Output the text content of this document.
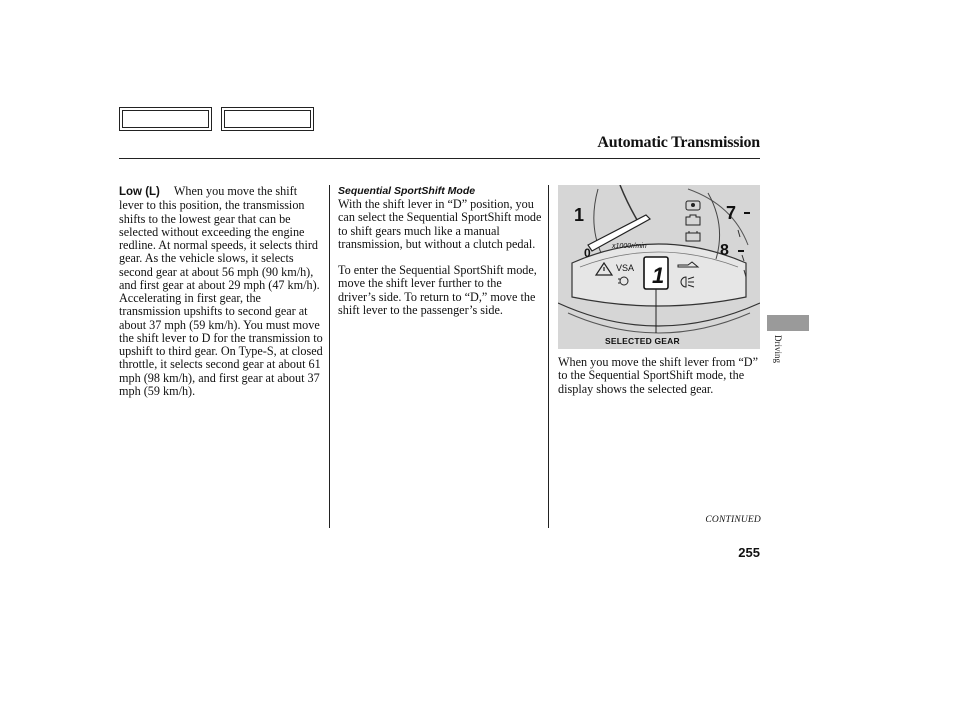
Automatic Transmission
Low (L) When you move the shift lever to this position, the transmission shifts to the lowest gear that can be selected without exceeding the engine redline. At normal speeds, it selects third gear. As the vehicle slows, it selects second gear at about 56 mph (90 km/h), and first gear at about 29 mph (47 km/h). Accelerating in first gear, the transmission upshifts to second gear at about 37 mph (59 km/h). You must move the shift lever to D for the transmission to upshift to third gear. On Type-S, at closed throttle, it selects second gear at about 61 mph (98 km/h), and first gear at about 37 mph (59 km/h).
Sequential SportShift Mode

With the shift lever in “D” position, you can select the Sequential SportShift mode to shift gears much like a manual transmission, but without a clutch pedal.

To enter the Sequential SportShift mode, move the shift lever further to the driver’s side. To return to “D,” move the shift lever to the passenger’s side.

1	7
8
0	x1000r/min
VSA 1
SELECTED GEAR

When you move the shift lever from “D” to the Sequential SportShift mode, the display shows the selected gear.

Driving
CONTINUED
255
